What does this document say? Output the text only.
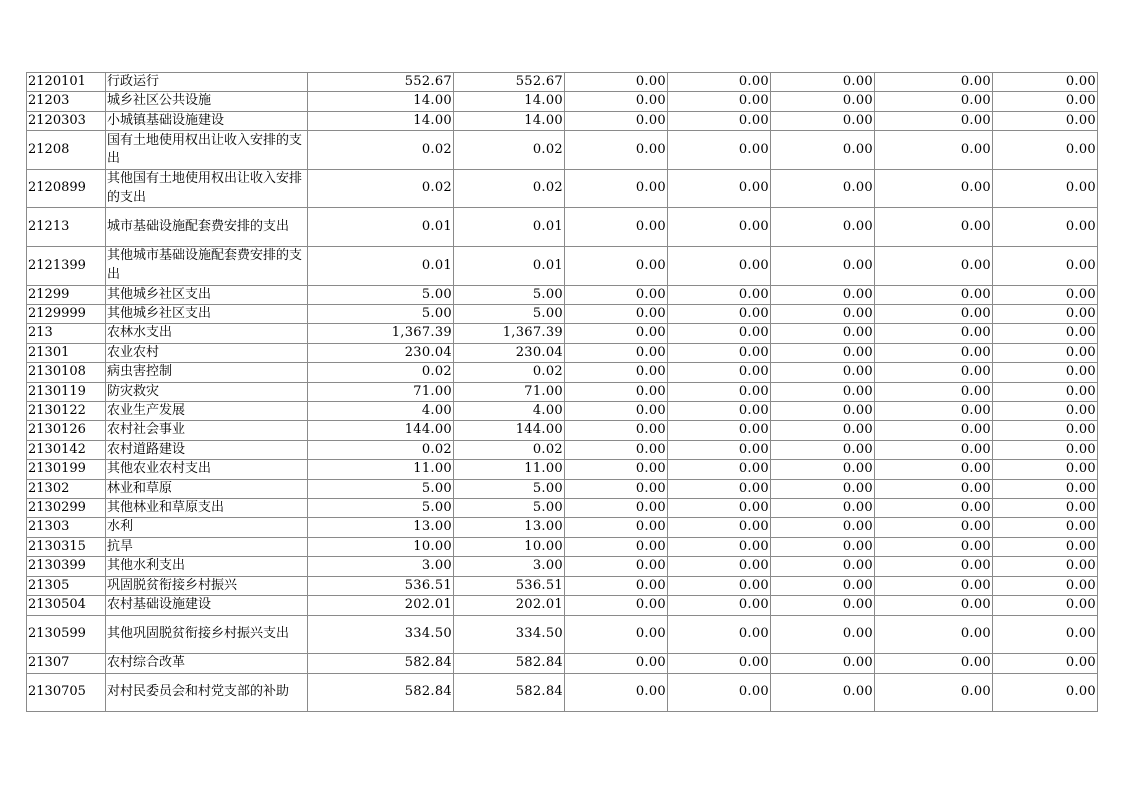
2120101	行政运行	552.67	552.67	0.00	0.00	0.00	0.00	0.00
21203	城乡社区公共设施	14.00	14.00	0.00	0.00	0.00	0.00	0.00
2120303	小城镇基础设施建设	14.00	14.00	0.00	0.00	0.00	0.00	0.00
21208	国有土地使用权出让收入安排的支出	0.02	0.02	0.00	0.00	0.00	0.00	0.00
2120899	其他国有土地使用权出让收入安排的支出	0.02	0.02	0.00	0.00	0.00	0.00	0.00
21213	城市基础设施配套费安排的支出	0.01	0.01	0.00	0.00	0.00	0.00	0.00
2121399	其他城市基础设施配套费安排的支出	0.01	0.01	0.00	0.00	0.00	0.00	0.00
21299	其他城乡社区支出	5.00	5.00	0.00	0.00	0.00	0.00	0.00
2129999	其他城乡社区支出	5.00	5.00	0.00	0.00	0.00	0.00	0.00
213	农林水支出	1,367.39	1,367.39	0.00	0.00	0.00	0.00	0.00
21301	农业农村	230.04	230.04	0.00	0.00	0.00	0.00	0.00
2130108	病虫害控制	0.02	0.02	0.00	0.00	0.00	0.00	0.00
2130119	防灾救灾	71.00	71.00	0.00	0.00	0.00	0.00	0.00
2130122	农业生产发展	4.00	4.00	0.00	0.00	0.00	0.00	0.00
2130126	农村社会事业	144.00	144.00	0.00	0.00	0.00	0.00	0.00
2130142	农村道路建设	0.02	0.02	0.00	0.00	0.00	0.00	0.00
2130199	其他农业农村支出	11.00	11.00	0.00	0.00	0.00	0.00	0.00
21302	林业和草原	5.00	5.00	0.00	0.00	0.00	0.00	0.00
2130299	其他林业和草原支出	5.00	5.00	0.00	0.00	0.00	0.00	0.00
21303	水利	13.00	13.00	0.00	0.00	0.00	0.00	0.00
2130315	抗旱	10.00	10.00	0.00	0.00	0.00	0.00	0.00
2130399	其他水利支出	3.00	3.00	0.00	0.00	0.00	0.00	0.00
21305	巩固脱贫衔接乡村振兴	536.51	536.51	0.00	0.00	0.00	0.00	0.00
2130504	农村基础设施建设	202.01	202.01	0.00	0.00	0.00	0.00	0.00
2130599	其他巩固脱贫衔接乡村振兴支出	334.50	334.50	0.00	0.00	0.00	0.00	0.00
21307	农村综合改革	582.84	582.84	0.00	0.00	0.00	0.00	0.00
2130705	对村民委员会和村党支部的补助	582.84	582.84	0.00	0.00	0.00	0.00	0.00
